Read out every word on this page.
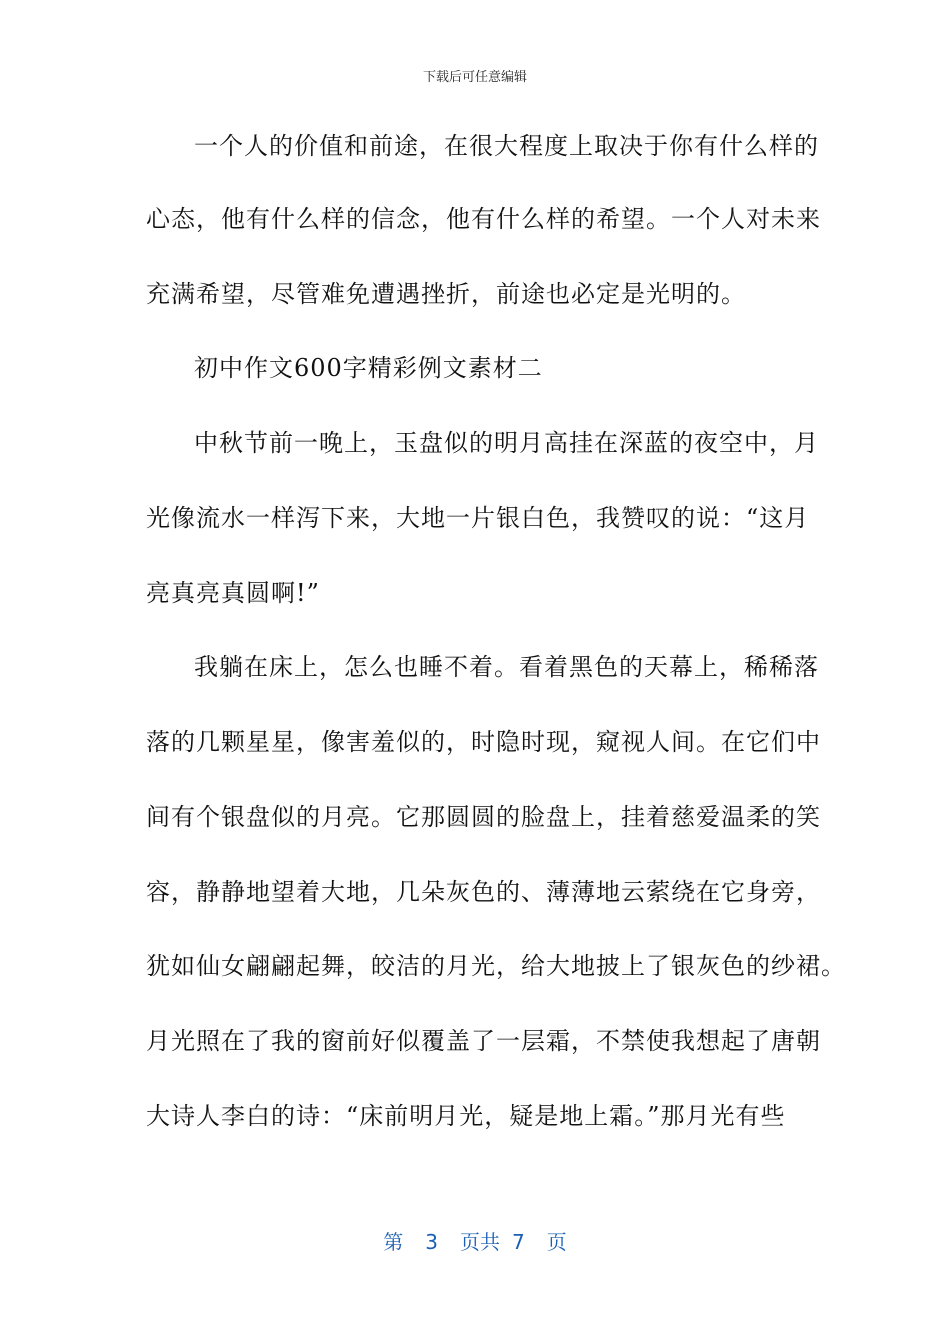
下载后可任意编辑
一个人的价值和前途，在很大程度上取决于你有什么样的
心态，他有什么样的信念，他有什么样的希望。一个人对未来
充满希望，尽管难免遭遇挫折，前途也必定是光明的。
初中作文600字精彩例文素材二
中秋节前一晚上，玉盘似的明月高挂在深蓝的夜空中，月
光像流水一样泻下来，大地一片银白色，我赞叹的说：“这月
亮真亮真圆啊!”
我躺在床上，怎么也睡不着。看着黑色的天幕上，稀稀落
落的几颗星星，像害羞似的，时隐时现，窥视人间。在它们中
间有个银盘似的月亮。它那圆圆的脸盘上，挂着慈爱温柔的笑
容，静静地望着大地，几朵灰色的、薄薄地云萦绕在它身旁，
犹如仙女翩翩起舞，皎洁的月光，给大地披上了银灰色的纱裙。
月光照在了我的窗前好似覆盖了一层霜，不禁使我想起了唐朝
大诗人李白的诗：“床前明月光，疑是地上霜。”那月光有些
第 3 页共 7 页
